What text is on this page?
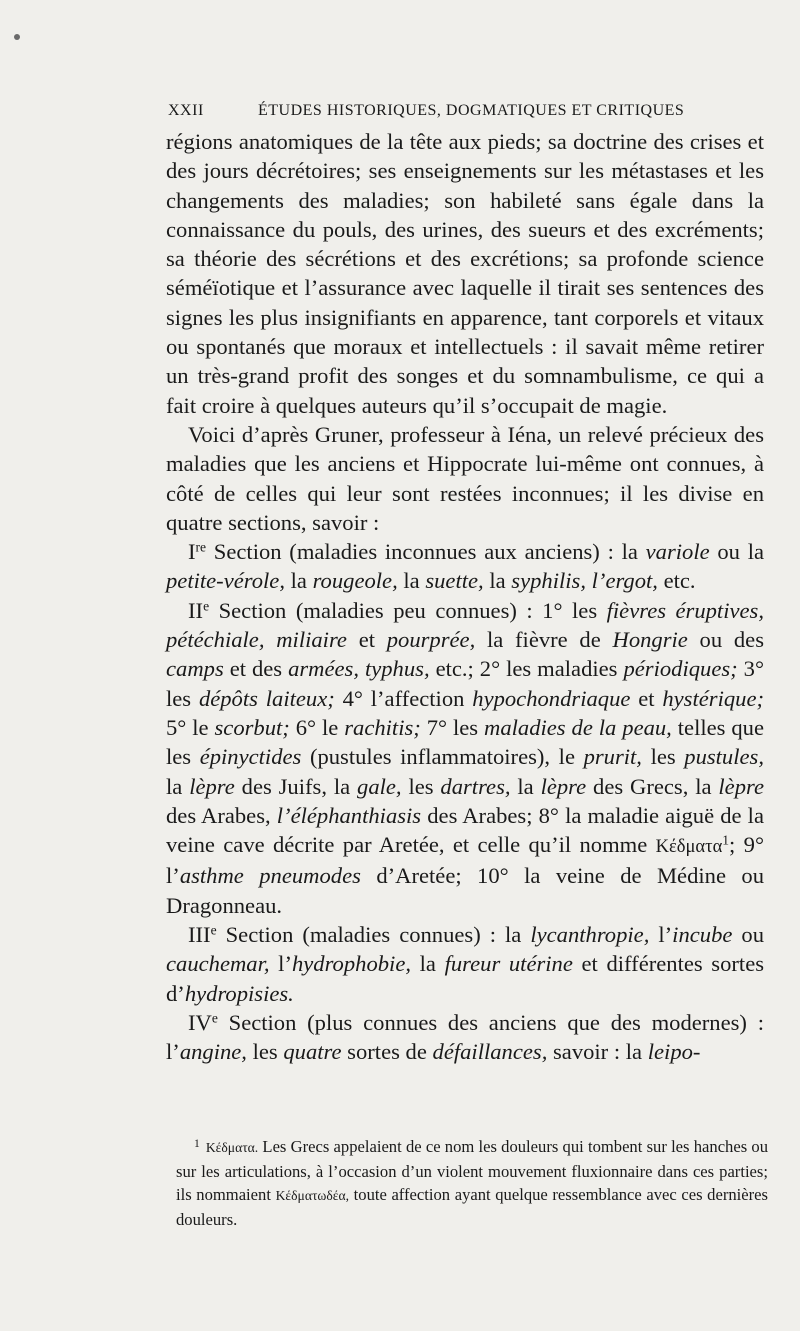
XXII	ÉTUDES HISTORIQUES, DOGMATIQUES ET CRITIQUES

régions anatomiques de la tête aux pieds; sa doctrine des crises et des jours décrétoires; ses enseignements sur les métastases et les changements des maladies; son habileté sans égale dans la connaissance du pouls, des urines, des sueurs et des excréments; sa théorie des sécrétions et des excrétions; sa profonde science séméïotique et l’assurance avec laquelle il tirait ses sentences des signes les plus insignifiants en apparence, tant corporels et vitaux ou spontanés que moraux et intellectuels : il savait même retirer un très-grand profit des songes et du somnambulisme, ce qui a fait croire à quelques auteurs qu’il s’occupait de magie.

Voici d’après Gruner, professeur à Iéna, un relevé précieux des maladies que les anciens et Hippocrate lui-même ont connues, à côté de celles qui leur sont restées inconnues; il les divise en quatre sections, savoir :

Ire Section (maladies inconnues aux anciens) : la variole ou la petite-vérole, la rougeole, la suette, la syphilis, l’ergot, etc.

IIe Section (maladies peu connues) : 1° les fièvres éruptives, pétéchiale, miliaire et pourprée, la fièvre de Hongrie ou des camps et des armées, typhus, etc.; 2° les maladies périodiques; 3° les dépôts laiteux; 4° l’affection hypochondriaque et hystérique; 5° le scorbut; 6° le rachitis; 7° les maladies de la peau, telles que les épinyctides (pustules inflammatoires), le prurit, les pustules, la lèpre des Juifs, la gale, les dartres, la lèpre des Grecs, la lèpre des Arabes, l’éléphanthiasis des Arabes; 8° la maladie aiguë de la veine cave décrite par Aretée, et celle qu’il nomme Κέδματα$^1$; 9° l’asthme pneumodes d’Aretée; 10° la veine de Médine ou Dragonneau.

IIIe Section (maladies connues) : la lycanthropie, l’incube ou cauchemar, l’hydrophobie, la fureur utérine et différentes sortes d’hydropisies.

IVe Section (plus connues des anciens que des modernes) : l’angine, les quatre sortes de défaillances, savoir : la leipo-

$^1$ Κέδματα. Les Grecs appelaient de ce nom les douleurs qui tombent sur les hanches ou sur les articulations, à l’occasion d’un violent mouvement fluxionnaire dans ces parties; ils nommaient Κέδματωδέα, toute affection ayant quelque ressemblance avec ces dernières douleurs.
